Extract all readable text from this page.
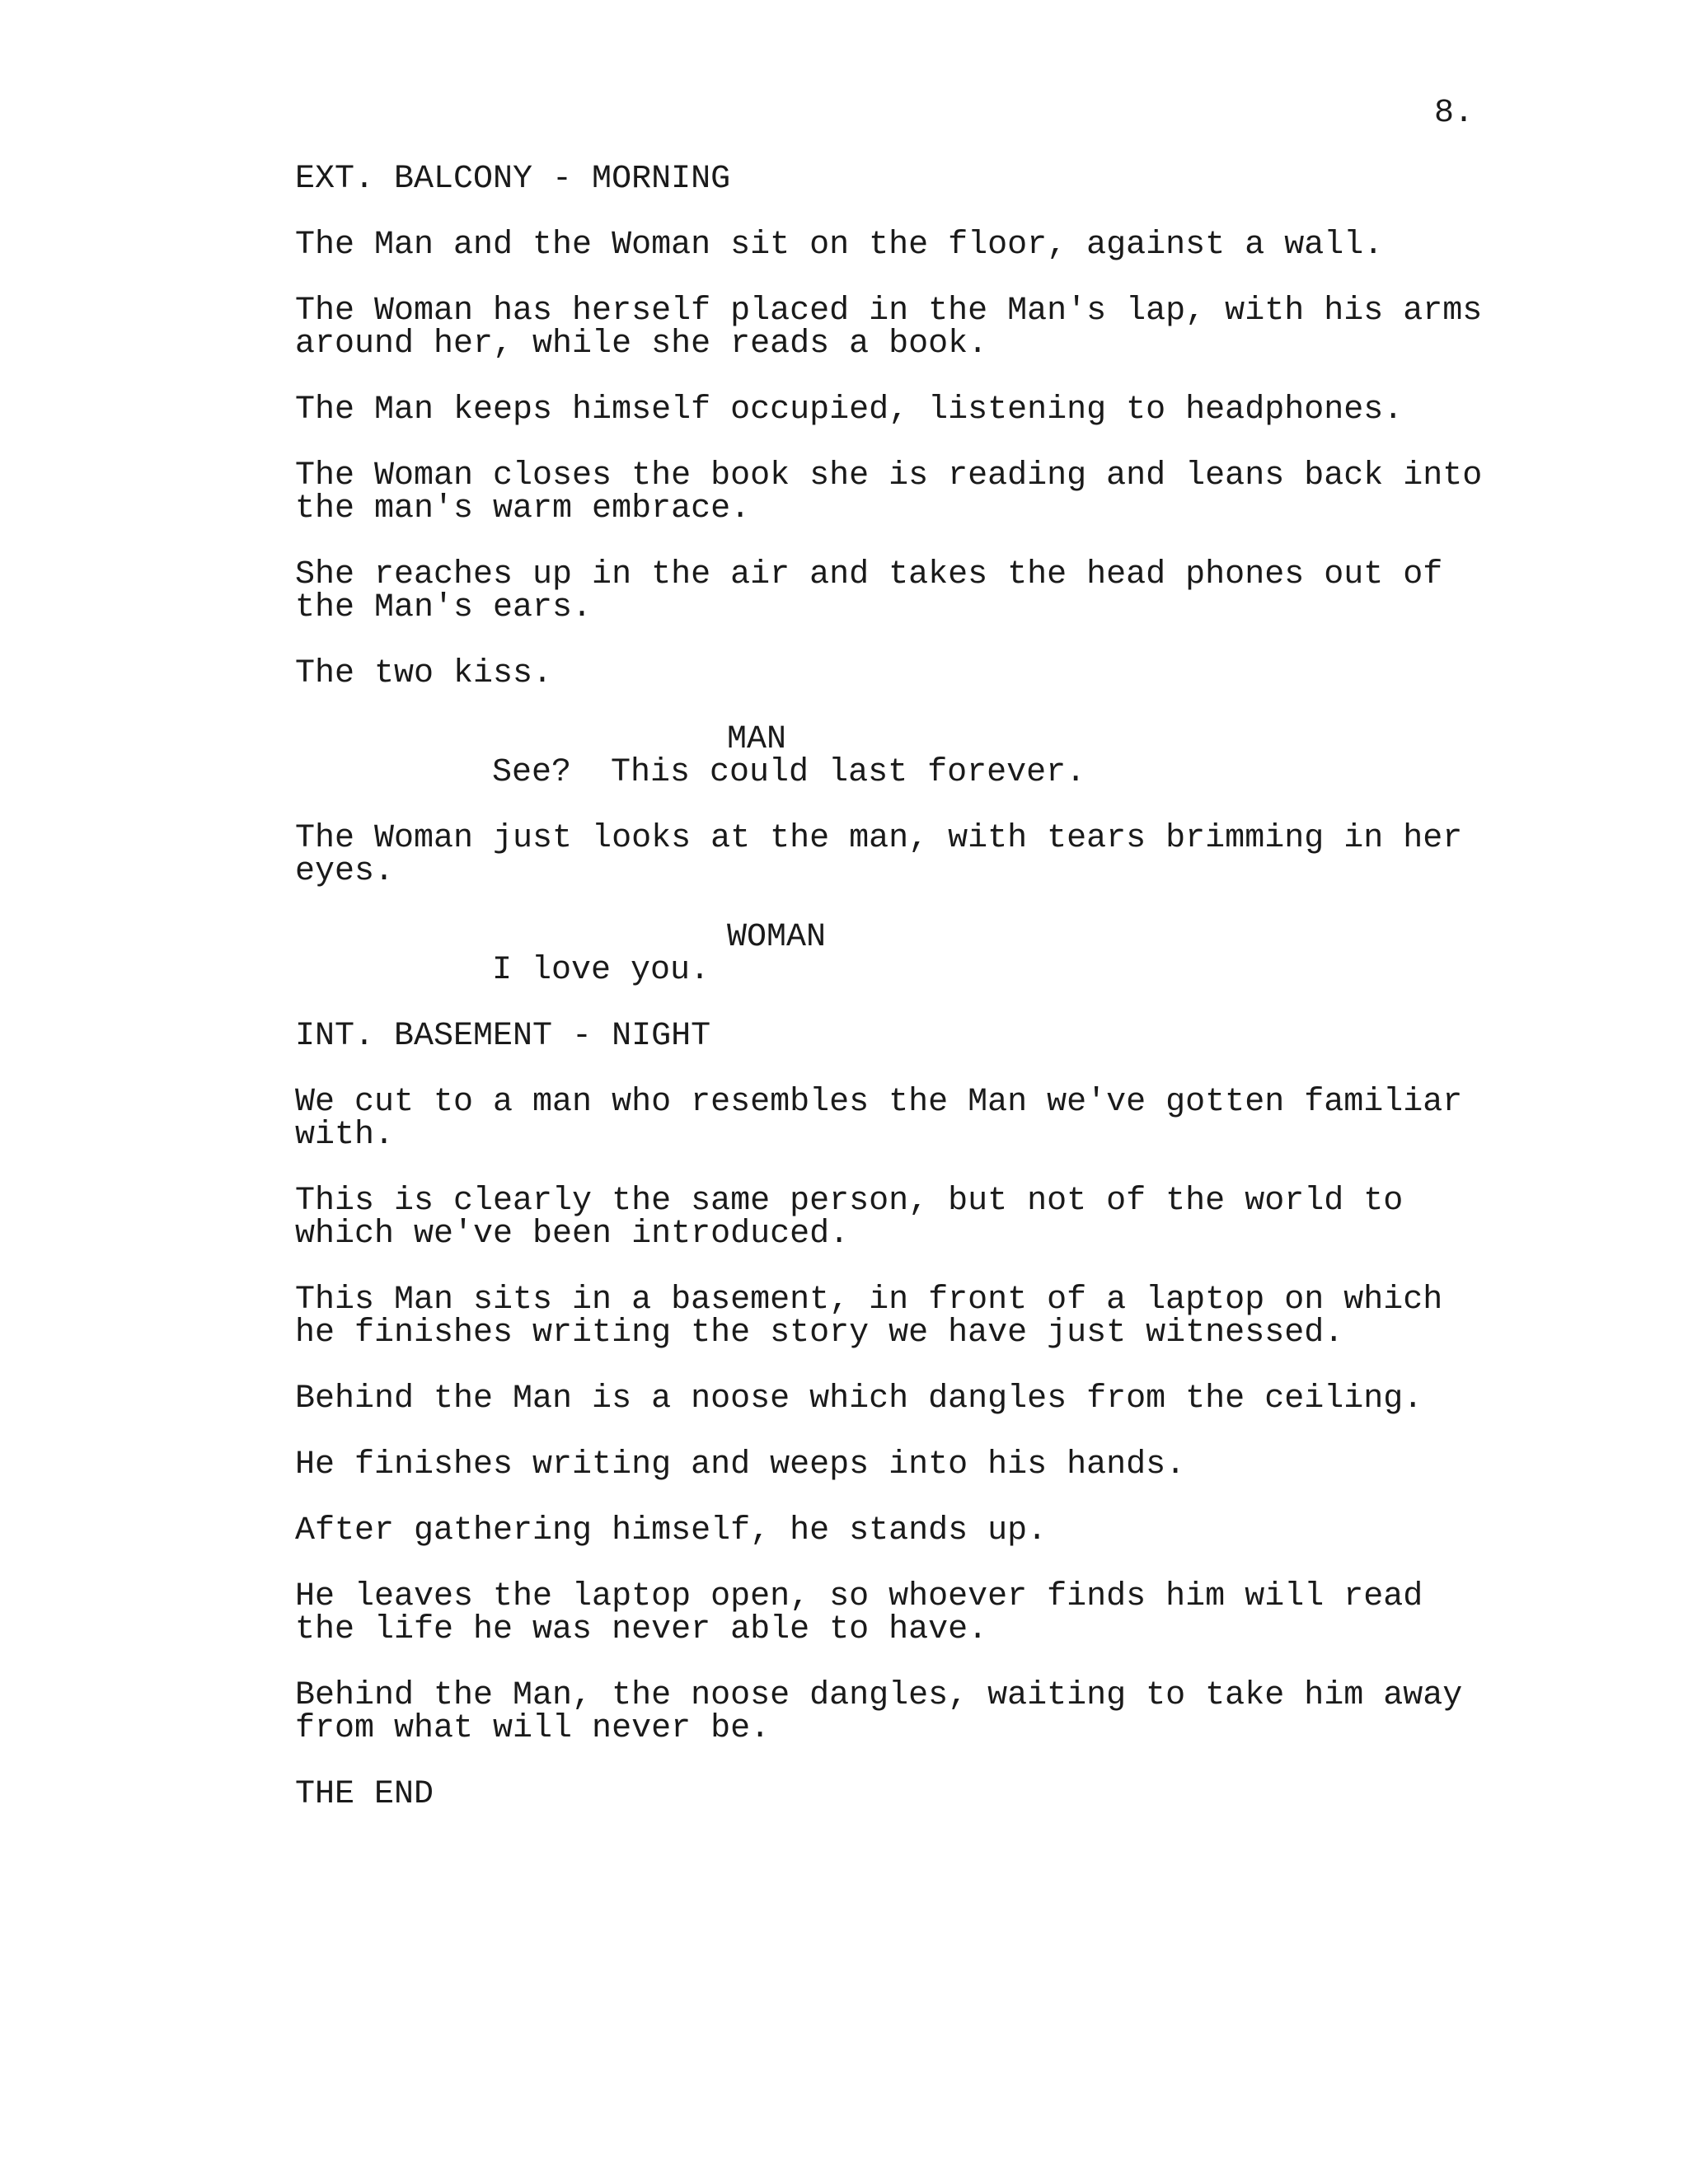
8.
EXT. BALCONY - MORNING
The Man and the Woman sit on the floor, against a wall.
The Woman has herself placed in the Man's lap, with his arms
around her, while she reads a book.
The Man keeps himself occupied, listening to headphones.
The Woman closes the book she is reading and leans back into
the man's warm embrace.
She reaches up in the air and takes the head phones out of
the Man's ears.
The two kiss.
MAN
See?  This could last forever.
The Woman just looks at the man, with tears brimming in her
eyes.
WOMAN
I love you.
INT. BASEMENT - NIGHT
We cut to a man who resembles the Man we've gotten familiar
with.
This is clearly the same person, but not of the world to
which we've been introduced.
This Man sits in a basement, in front of a laptop on which
he finishes writing the story we have just witnessed.
Behind the Man is a noose which dangles from the ceiling.
He finishes writing and weeps into his hands.
After gathering himself, he stands up.
He leaves the laptop open, so whoever finds him will read
the life he was never able to have.
Behind the Man, the noose dangles, waiting to take him away
from what will never be.
THE END
